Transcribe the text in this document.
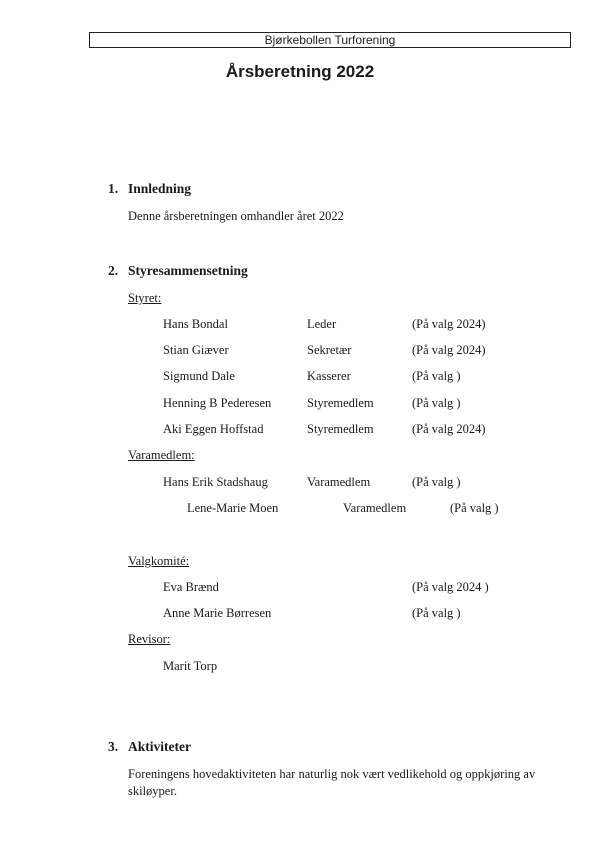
Bjørkebollen Turforening
Årsberetning 2022
1. Innledning
Denne årsberetningen omhandler året 2022
2. Styresammensetning
Styret:
Hans Bondal	Leder	(På valg 2024)
Stian Giæver	Sekretær	(På valg 2024)
Sigmund Dale	Kasserer	(På valg )
Henning B Pederesen	Styremedlem	(På valg )
Aki Eggen Hoffstad	Styremedlem	(På valg 2024)
Varamedlem:
Hans Erik Stadshaug	Varamedlem	(På valg )
Lene-Marie Moen	Varamedlem	(På valg )
Valgkomité:
Eva Brænd	(På valg 2024 )
Anne Marie Børresen	(På valg )
Revisor:
Marit Torp
3. Aktiviteter
Foreningens hovedaktiviteten har naturlig nok vært vedlikehold og oppkjøring av skiløyper.
